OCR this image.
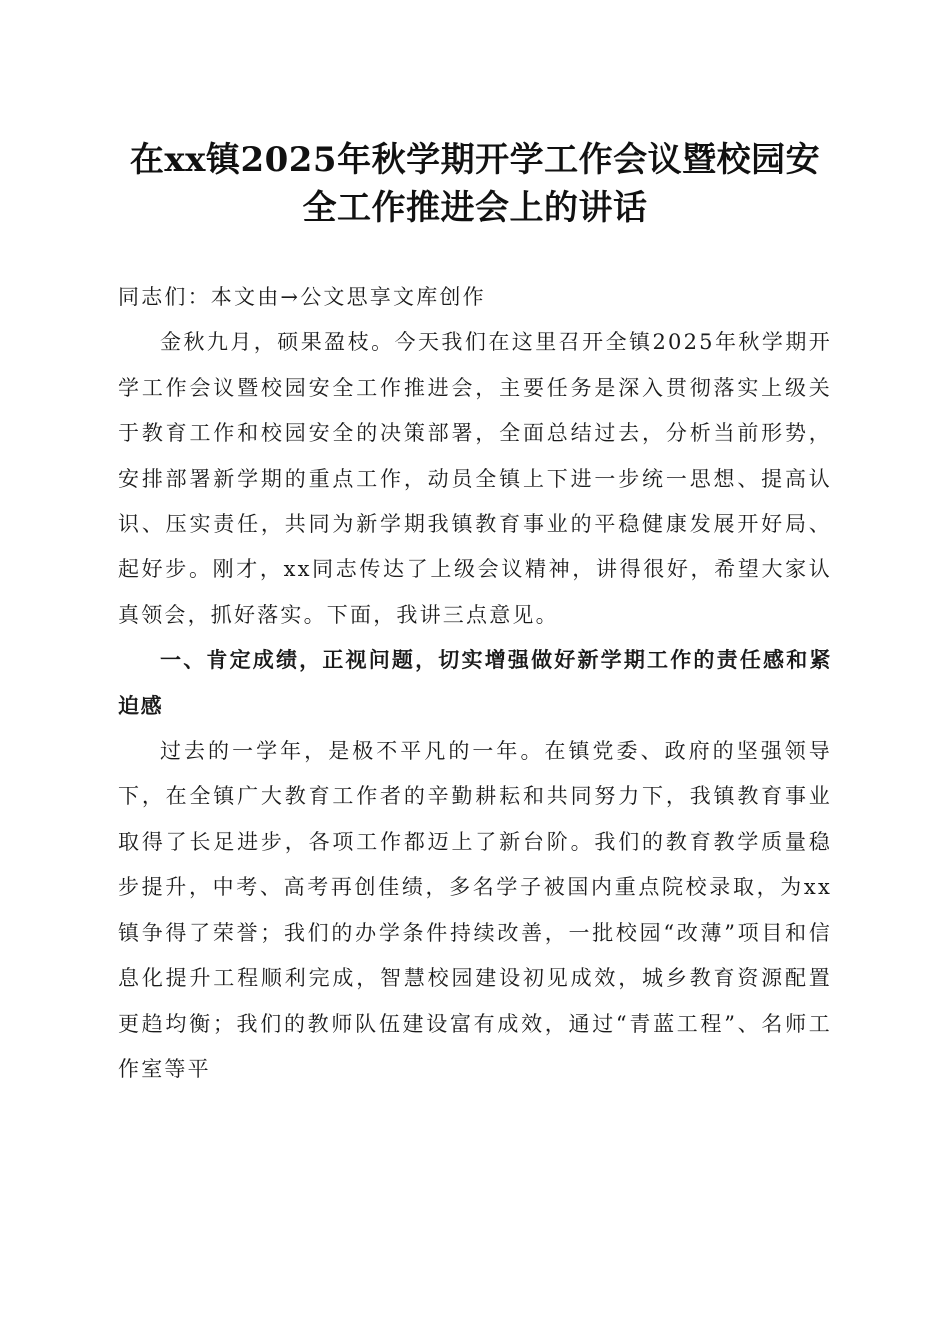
在xx镇2025年秋学期开学工作会议暨校园安
全工作推进会上的讲话

同志们：本文由→公文思享文库创作

金秋九月，硕果盈枝。今天我们在这里召开全镇2025年秋学期开学工作会议暨校园安全工作推进会，主要任务是深入贯彻落实上级关于教育工作和校园安全的决策部署，全面总结过去，分析当前形势，安排部署新学期的重点工作，动员全镇上下进一步统一思想、提高认识、压实责任，共同为新学期我镇教育事业的平稳健康发展开好局、起好步。刚才，xx同志传达了上级会议精神，讲得很好，希望大家认真领会，抓好落实。下面，我讲三点意见。

一、肯定成绩，正视问题，切实增强做好新学期工作的责任感和紧迫感

过去的一学年，是极不平凡的一年。在镇党委、政府的坚强领导下，在全镇广大教育工作者的辛勤耕耘和共同努力下，我镇教育事业取得了长足进步，各项工作都迈上了新台阶。我们的教育教学质量稳步提升，中考、高考再创佳绩，多名学子被国内重点院校录取，为xx镇争得了荣誉；我们的办学条件持续改善，一批校园“改薄”项目和信息化提升工程顺利完成，智慧校园建设初见成效，城乡教育资源配置更趋均衡；我们的教师队伍建设富有成效，通过“青蓝工程”、名师工作室等平
